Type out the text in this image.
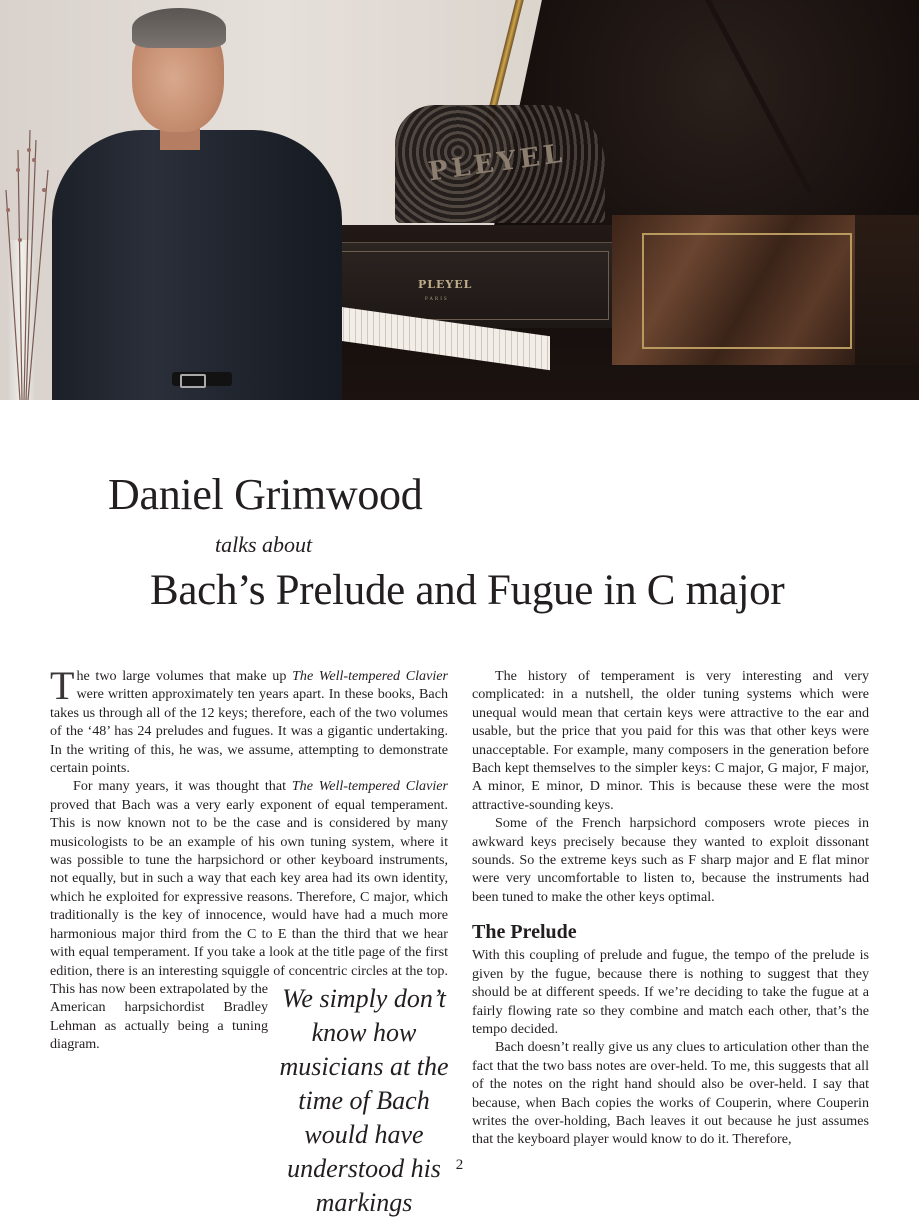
PLEYEL
PLEYEL
PARIS
Daniel Grimwood
talks about
Bach’s Prelude and Fugue in C major

The two large volumes that make up The Well-tempered Clavier were written approximately ten years apart. In these books, Bach takes us through all of the 12 keys; therefore, each of the two volumes of the ‘48’ has 24 preludes and fugues. It was a gigantic undertaking. In the writing of this, he was, we assume, attempting to demonstrate certain points.

We simply don’t know how musicians at the time of Bach would have understood his markings

For many years, it was thought that The Well-tempered Clavier proved that Bach was a very early exponent of equal temperament. This is now known not to be the case and is considered by many musicologists to be an example of his own tuning system, where it was possible to tune the harpsichord or other keyboard instruments, not equally, but in such a way that each key area had its own identity, which he exploited for expressive reasons. Therefore, C major, which traditionally is the key of innocence, would have had a much more harmonious major third from the C to E than the third that we hear with equal temperament. If you take a look at the title page of the first edition, there is an interesting squiggle of concentric circles at the top. This has now been extrapolated by the American harpsichordist Bradley Lehman as actually being a tuning diagram.

The history of temperament is very interesting and very complicated: in a nutshell, the older tuning systems which were unequal would mean that certain keys were attractive to the ear and usable, but the price that you paid for this was that other keys were unacceptable. For example, many composers in the generation before Bach kept themselves to the simpler keys: C major, G major, F major, A minor, E minor, D minor. This is because these were the most attractive-sounding keys.

Some of the French harpsichord composers wrote pieces in awkward keys precisely because they wanted to exploit dissonant sounds. So the extreme keys such as F sharp major and E flat minor were very uncomfortable to listen to, because the instruments had been tuned to make the other keys optimal.

The Prelude

With this coupling of prelude and fugue, the tempo of the prelude is given by the fugue, because there is nothing to suggest that they should be at different speeds. If we’re deciding to take the fugue at a fairly flowing rate so they combine and match each other, that’s the tempo decided.

Bach doesn’t really give us any clues to articulation other than the fact that the two bass notes are over-held. To me, this suggests that all of the notes on the right hand should also be over-held. I say that because, when Bach copies the works of Couperin, where Couperin writes the over-holding, Bach leaves it out because he just assumes that the keyboard player would know to do it. Therefore,

2
